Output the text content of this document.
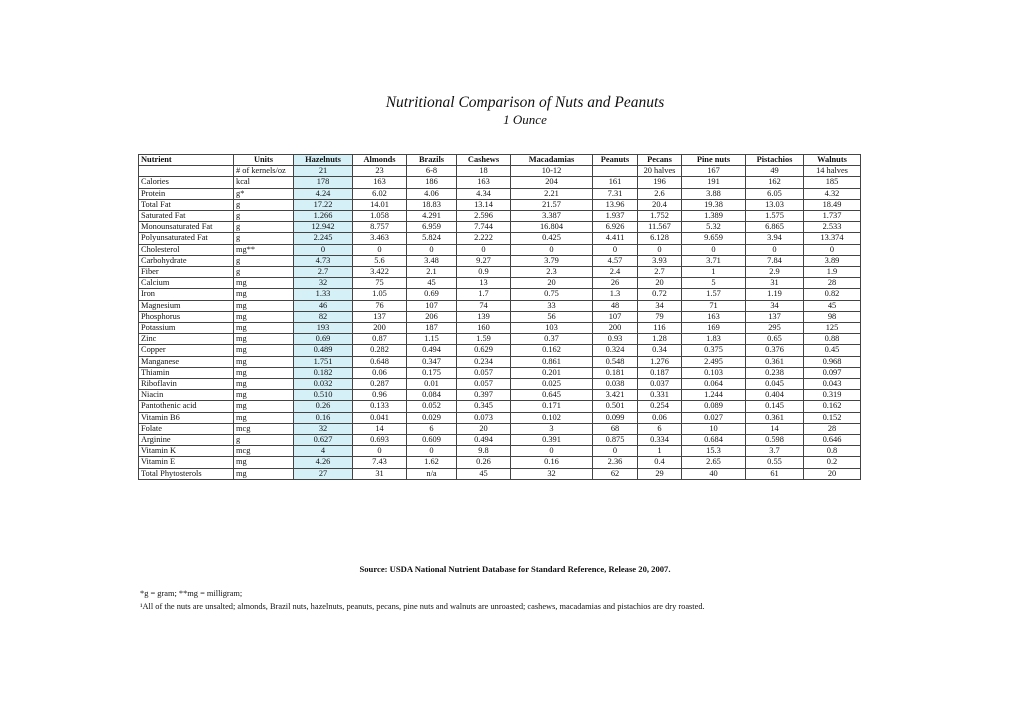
Nutritional Comparison of Nuts and Peanuts
1 Ounce
Nutrient	Units	Hazelnuts	Almonds	Brazils	Cashews	Macadamias	Peanuts	Pecans	Pine nuts	Pistachios	Walnuts
	# of kernels/oz	21	23	6-8	18	10-12		20 halves	167	49	14 halves
Calories	kcal	178	163	186	163	204	161	196	191	162	185
Protein	g*	4.24	6.02	4.06	4.34	2.21	7.31	2.6	3.88	6.05	4.32
Total Fat	g	17.22	14.01	18.83	13.14	21.57	13.96	20.4	19.38	13.03	18.49
Saturated Fat	g	1.266	1.058	4.291	2.596	3.387	1.937	1.752	1.389	1.575	1.737
Monounsaturated Fat	g	12.942	8.757	6.959	7.744	16.804	6.926	11.567	5.32	6.865	2.533
Polyunsaturated Fat	g	2.245	3.463	5.824	2.222	0.425	4.411	6.128	9.659	3.94	13.374
Cholesterol	mg**	0	0	0	0	0	0	0	0	0	0
Carbohydrate	g	4.73	5.6	3.48	9.27	3.79	4.57	3.93	3.71	7.84	3.89
Fiber	g	2.7	3.422	2.1	0.9	2.3	2.4	2.7	1	2.9	1.9
Calcium	mg	32	75	45	13	20	26	20	5	31	28
Iron	mg	1.33	1.05	0.69	1.7	0.75	1.3	0.72	1.57	1.19	0.82
Magnesium	mg	46	76	107	74	33	48	34	71	34	45
Phosphorus	mg	82	137	206	139	56	107	79	163	137	98
Potassium	mg	193	200	187	160	103	200	116	169	295	125
Zinc	mg	0.69	0.87	1.15	1.59	0.37	0.93	1.28	1.83	0.65	0.88
Copper	mg	0.489	0.282	0.494	0.629	0.162	0.324	0.34	0.375	0.376	0.45
Manganese	mg	1.751	0.648	0.347	0.234	0.861	0.548	1.276	2.495	0.361	0.968
Thiamin	mg	0.182	0.06	0.175	0.057	0.201	0.181	0.187	0.103	0.238	0.097
Riboflavin	mg	0.032	0.287	0.01	0.057	0.025	0.038	0.037	0.064	0.045	0.043
Niacin	mg	0.510	0.96	0.084	0.397	0.645	3.421	0.331	1.244	0.404	0.319
Pantothenic acid	mg	0.26	0.133	0.052	0.345	0.171	0.501	0.254	0.089	0.145	0.162
Vitamin B6	mg	0.16	0.041	0.029	0.073	0.102	0.099	0.06	0.027	0.361	0.152
Folate	mcg	32	14	6	20	3	68	6	10	14	28
Arginine	g	0.627	0.693	0.609	0.494	0.391	0.875	0.334	0.684	0.598	0.646
Vitamin K	mcg	4	0	0	9.8	0	0	1	15.3	3.7	0.8
Vitamin E	mg	4.26	7.43	1.62	0.26	0.16	2.36	0.4	2.65	0.55	0.2
Total Phytosterols	mg	27	31	n/a	45	32	62	29	40	61	20
Source: USDA National Nutrient Database for Standard Reference, Release 20, 2007.
*g = gram; **mg = milligram;
¹All of the nuts are unsalted; almonds, Brazil nuts, hazelnuts, peanuts, pecans, pine nuts and walnuts are unroasted; cashews, macadamias and pistachios are dry roasted.
